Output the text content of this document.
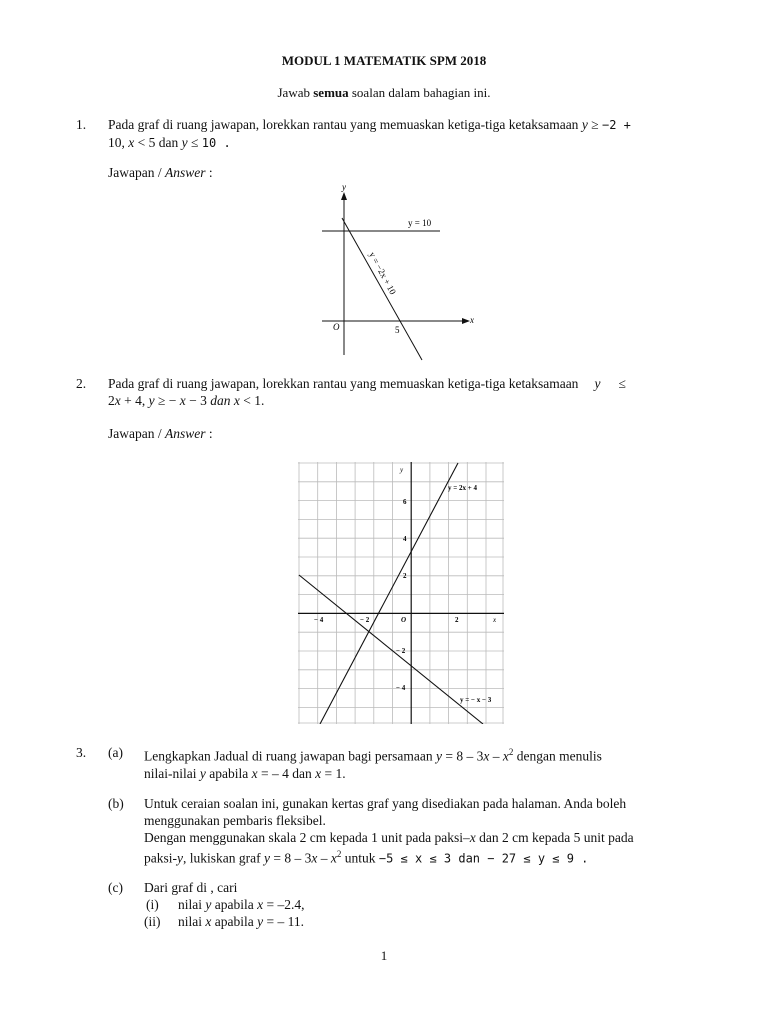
MODUL 1 MATEMATIK SPM 2018
Jawab semua soalan dalam bahagian ini.
1. Pada graf di ruang jawapan, lorekkan rantau yang memuaskan ketiga-tiga ketaksamaan y ≥ −2 +
10, x < 5 dan y ≤ 10 .
Jawapan / Answer :
y
x
O
y = 10
y = −2x + 10
5
2. Pada graf di ruang jawapan, lorekkan rantau yang memuaskan ketiga-tiga ketaksamaan y ≤
2x + 4, y ≥ − x − 3 dan x < 1.
Jawapan / Answer :
y
x
O
− 4	− 2	2
6
4
2
− 2
− 4
y = 2x + 4
y = − x − 3
3. (a) Lengkapkan Jadual di ruang jawapan bagi persamaan $y = 8 - 3x - x^2$ dengan menulis
nilai-nilai y apabila x = – 4 dan x = 1.
(b) Untuk ceraian soalan ini, gunakan kertas graf yang disediakan pada halaman. Anda boleh
menggunakan pembaris fleksibel.
Dengan menggunakan skala 2 cm kepada 1 unit pada paksi–x dan 2 cm kepada 5 unit pada
paksi-y, lukiskan graf $y = 8 - 3x - x^2$ untuk −5 ≤ x ≤ 3 dan − 27 ≤ y ≤ 9 .
(c) Dari graf di , cari
(i) nilai y apabila x = –2.4,
(ii) nilai x apabila y = – 11.
1
